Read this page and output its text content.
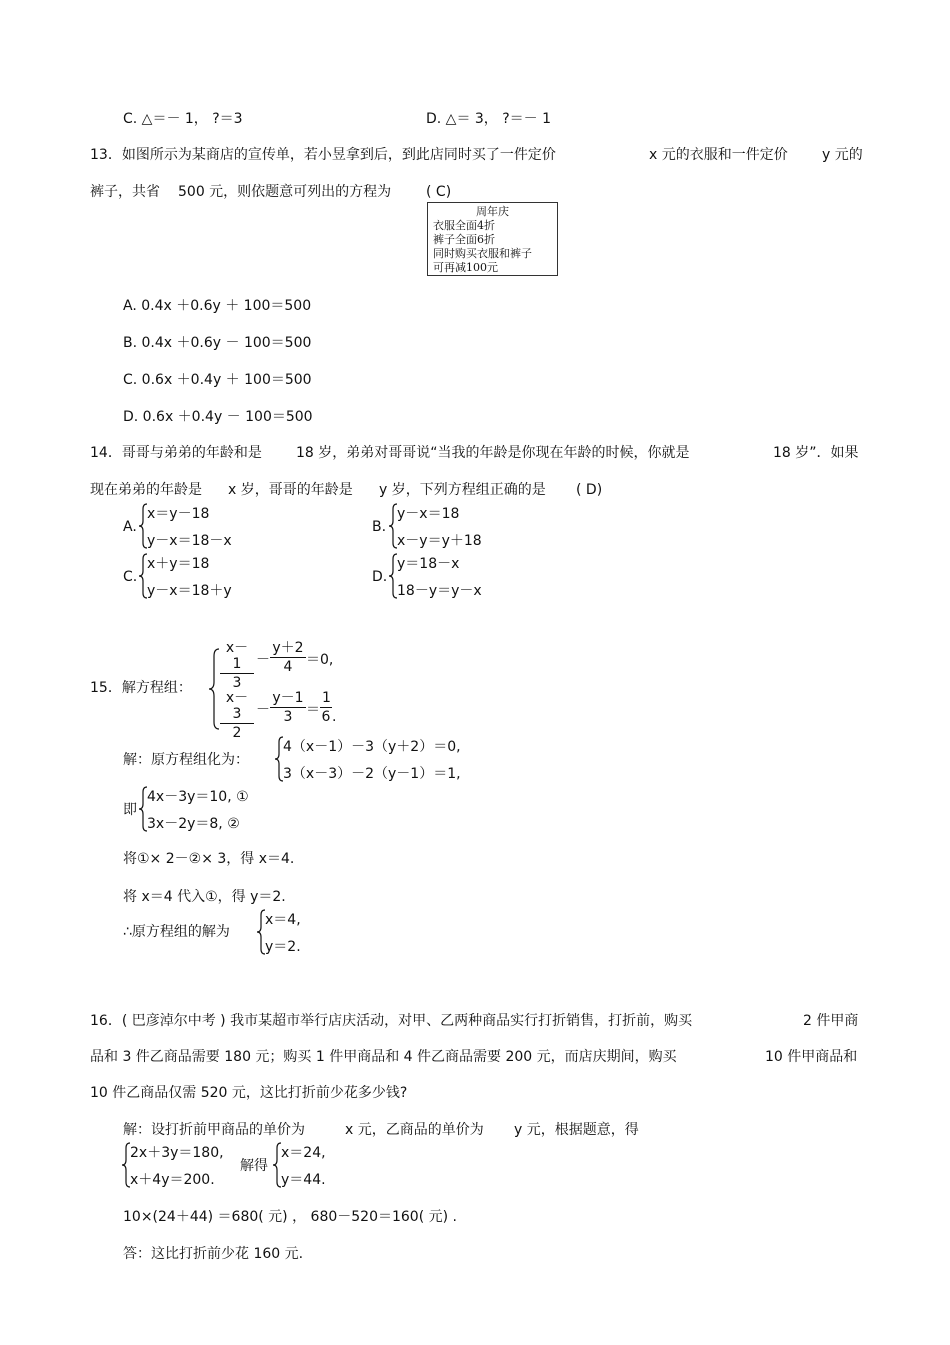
C. △＝－ 1， ?＝3	D. △＝ 3， ?＝－ 1
13．如图所示为某商店的宣传单，若小昱拿到后，到此店同时买了一件定价	x 元的衣服和一件定价 y 元的
裤子，共省 500 元，则依题意可列出的方程为 ( C)
周年庆
衣服全面4折
裤子全面6折
同时购买衣服和裤子
可再减100元
A. 0.4x ＋0.6y ＋ 100＝500
B. 0.4x ＋0.6y － 100＝500
C. 0.6x ＋0.4y ＋ 100＝500
D. 0.6x ＋0.4y － 100＝500
14．哥哥与弟弟的年龄和是 18 岁，弟弟对哥哥说“当我的年龄是你现在年龄的时候，你就是	18 岁”．如果
现在弟弟的年龄是 x 岁，哥哥的年龄是 y 岁，下列方程组正确的是 ( D)
A.
x＝y－18
y－x＝18－x
B.
y－x＝18
x－y＝y＋18
C.
x＋y＝18
y－x＝18＋y
D.
y＝18－x
18－y＝y－x
15．解方程组：
x－1
3
－
y＋2
4 ＝0,
x－3
2
－
y－1
3 ＝
1
6 .
解：原方程组化为：
4（x－1）－3（y＋2）＝0,
3（x－3）－2（y－1）＝1,
即
4x－3y＝10, ①
3x－2y＝8, ②
将①× 2－②× 3，得 x＝4.
将 x＝4 代入①，得 y＝2.
∴原方程组的解为
x＝4,
y＝2.
16．( 巴彦淖尔中考 ) 我市某超市举行店庆活动，对甲、乙两种商品实行打折销售，打折前，购买	2 件甲商
品和 3 件乙商品需要 180 元；购买 1 件甲商品和 4 件乙商品需要 200 元，而店庆期间，购买	10 件甲商品和
10 件乙商品仅需 520 元，这比打折前少花多少钱?
解：设打折前甲商品的单价为	x 元，乙商品的单价为 y 元，根据题意，得
2x＋3y＝180,
x＋4y＝200.
解得
x＝24,
y＝44.
10×(24＋44) ＝680( 元) ， 680－520＝160( 元) .
答：这比打折前少花 160 元.
